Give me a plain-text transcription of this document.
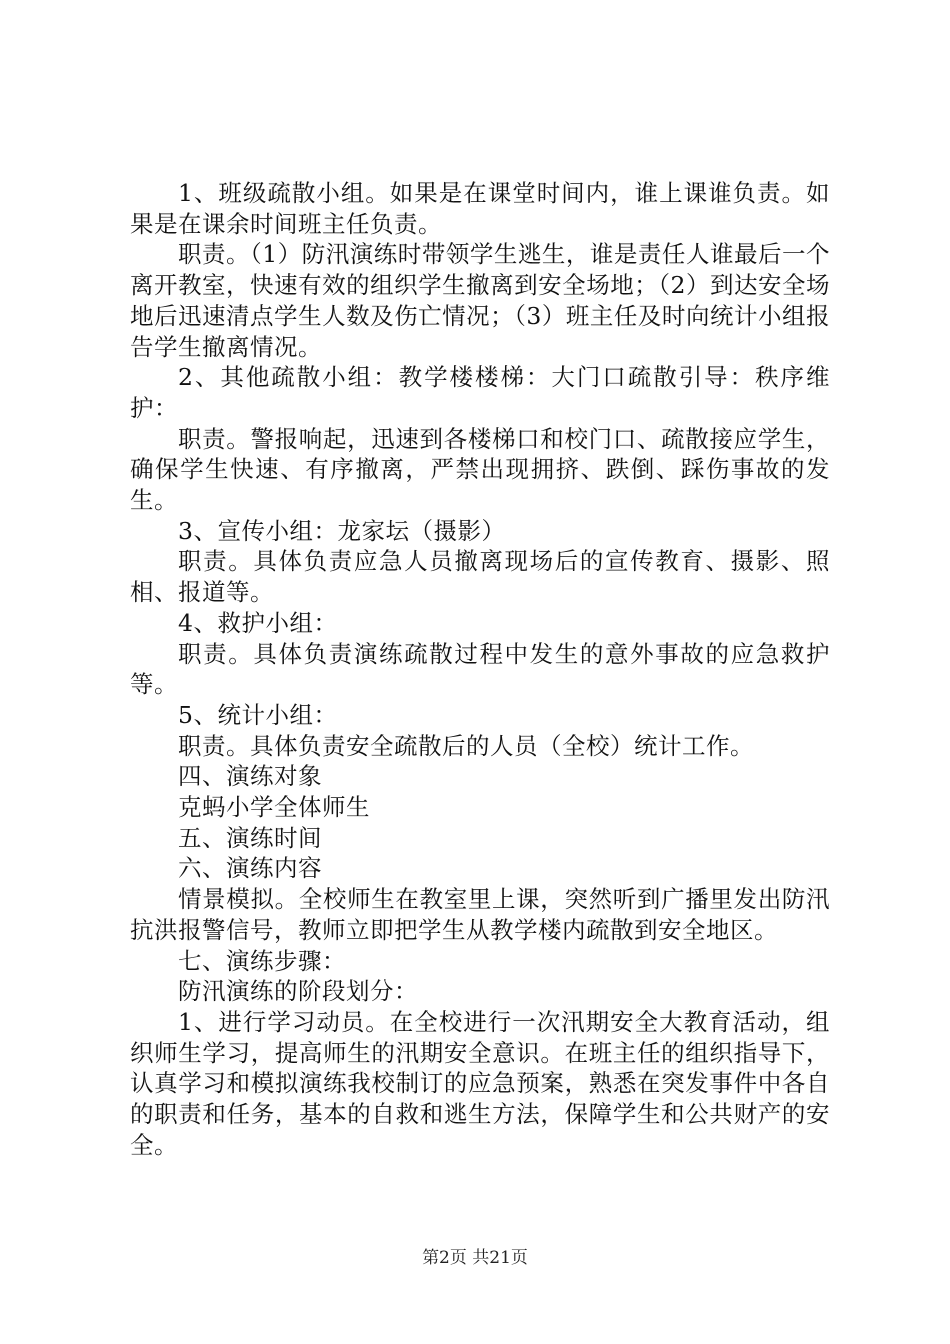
1、班级疏散小组。如果是在课堂时间内，谁上课谁负责。如果是在课余时间班主任负责。

职责。（1）防汛演练时带领学生逃生，谁是责任人谁最后一个离开教室，快速有效的组织学生撤离到安全场地；（2）到达安全场地后迅速清点学生人数及伤亡情况；（3）班主任及时向统计小组报告学生撤离情况。

2、其他疏散小组：教学楼楼梯：大门口疏散引导：秩序维护：

职责。警报响起，迅速到各楼梯口和校门口、疏散接应学生，确保学生快速、有序撤离，严禁出现拥挤、跌倒、踩伤事故的发生。

3、宣传小组：龙家坛（摄影）

职责。具体负责应急人员撤离现场后的宣传教育、摄影、照相、报道等。

4、救护小组：

职责。具体负责演练疏散过程中发生的意外事故的应急救护等。

5、统计小组：

职责。具体负责安全疏散后的人员（全校）统计工作。

四、演练对象

克蚂小学全体师生

五、演练时间

六、演练内容

情景模拟。全校师生在教室里上课，突然听到广播里发出防汛抗洪报警信号，教师立即把学生从教学楼内疏散到安全地区。

七、演练步骤：

防汛演练的阶段划分：

1、进行学习动员。在全校进行一次汛期安全大教育活动，组织师生学习，提高师生的汛期安全意识。在班主任的组织指导下，认真学习和模拟演练我校制订的应急预案，熟悉在突发事件中各自的职责和任务，基本的自救和逃生方法，保障学生和公共财产的安全。

第2页 共21页
